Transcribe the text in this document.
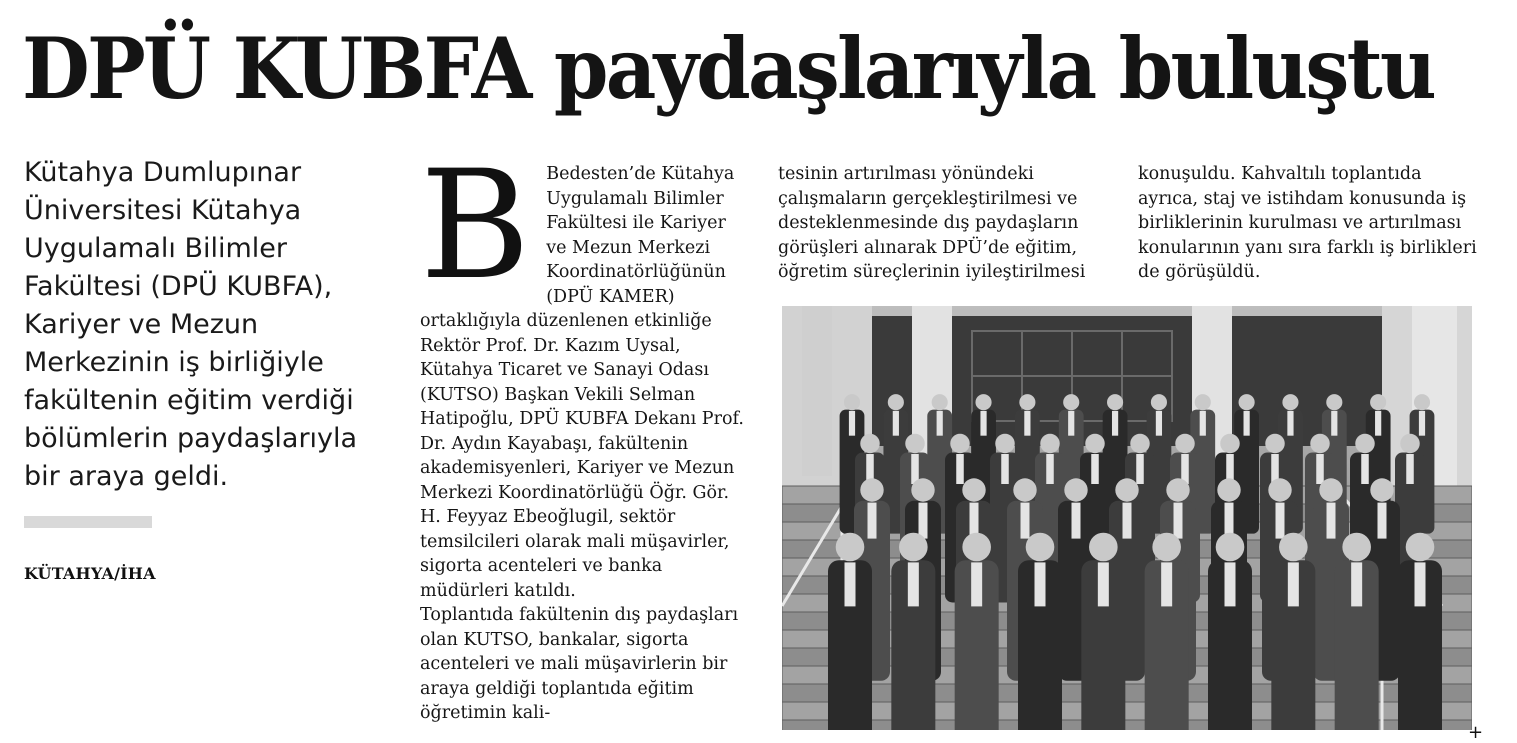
DPÜ KUBFA paydaşlarıyla buluştu
Kütahya Dumlupınar Üniversitesi Kütahya Uygulamalı Bilimler Fakültesi (DPÜ KUBFA), Kariyer ve Mezun Merkezinin iş birliğiyle fakültenin eğitim verdiği bölümlerin paydaşlarıyla bir araya geldi.
KÜTAHYA/İHA
B Bedesten’de Kütahya Uygulamalı Bilimler Fakültesi ile Kariyer ve Mezun Merkezi Koordinatörlüğünün (DPÜ KAMER) ortaklığıyla düzenlenen etkinliğe Rektör Prof. Dr. Kazım Uysal, Kütahya Ticaret ve Sanayi Odası (KUTSO) Başkan Vekili Selman Hatipoğlu, DPÜ KUBFA Dekanı Prof. Dr. Aydın Kayabaşı, fakültenin akademisyenleri, Kariyer ve Mezun Merkezi Koordinatörlüğü Öğr. Gör. H. Feyyaz Ebeoğlugil, sektör temsilcileri olarak mali müşavirler, sigorta acenteleri ve banka müdürleri katıldı.

Toplantıda fakültenin dış paydaşları olan KUTSO, bankalar, sigorta acenteleri ve mali müşavirlerin bir araya geldiği toplantıda eğitim öğretimin kali-

tesinin artırılması yönündeki çalışmaların gerçekleştirilmesi ve desteklenmesinde dış paydaşların görüşleri alınarak DPÜ’de eğitim, öğretim süreçlerinin iyileştirilmesi

konuşuldu. Kahvaltılı toplantıda ayrıca, staj ve istihdam konusunda iş birliklerinin kurulması ve artırılması konularının yanı sıra farklı iş birlikleri de görüşüldü.

+
